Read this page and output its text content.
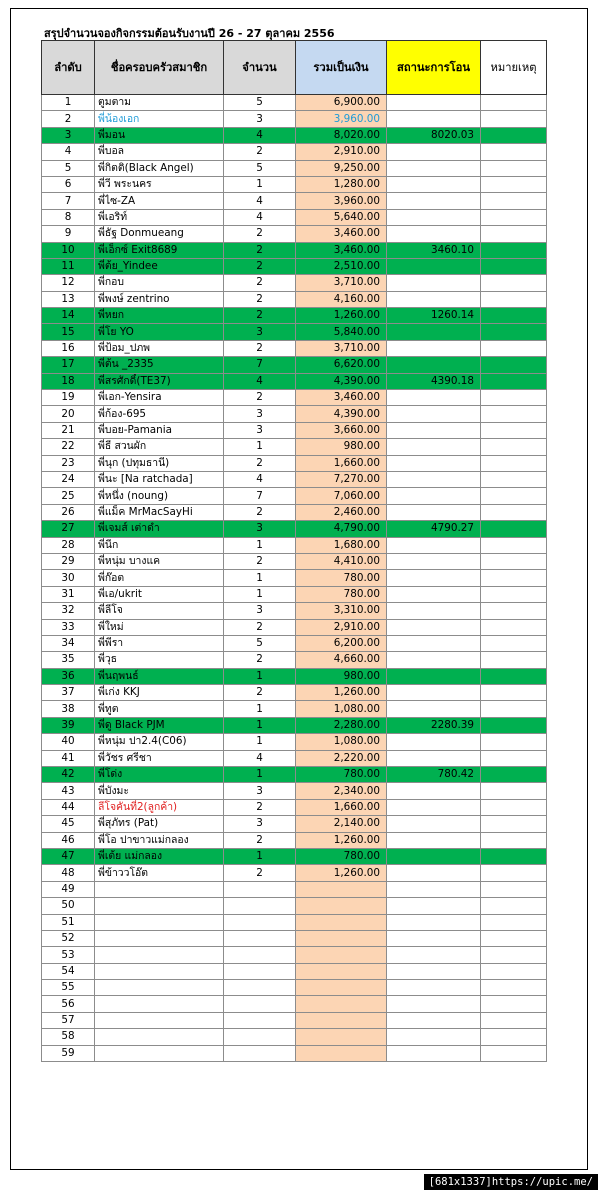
สรุปจำนวนจองกิจกรรมต้อนรับงานปี 26 - 27 ตุลาคม 2556
ลำดับ	ชื่อครอบครัวสมาชิก	จำนวน	รวมเป็นเงิน	สถานะการโอน	หมายเหตุ
1	ตูมตาม	5	6,900.00		
2	พี่น้องเอก	3	3,960.00		
3	พี่มอน	4	8,020.00	8020.03	
4	พี่บอล	2	2,910.00		
5	พี่กิตติ(Black Angel)	5	9,250.00		
6	พี่วี พระนคร	1	1,280.00		
7	พี่ไซ-ZA	4	3,960.00		
8	พี่เอริท์	4	5,640.00		
9	พี่ธัฐ Donmueang	2	3,460.00		
10	พี่เอ็กซ์ Exit8689	2	3,460.00	3460.10	
11	พี่ต้ย_Yindee	2	2,510.00		
12	พี่กอบ	2	3,710.00		
13	พี่พงษ์ zentrino	2	4,160.00		
14	พี่หยก	2	1,260.00	1260.14	
15	พี่โย YO	3	5,840.00		
16	พี่ป้อม_ปภพ	2	3,710.00		
17	พี่ต้น _2335	7	6,620.00		
18	พี่สรศักดิ์(TE37)	4	4,390.00	4390.18	
19	พี่เอก-Yensira	2	3,460.00		
20	พี่ก้อง-695	3	4,390.00		
21	พี่บอย-Pamania	3	3,660.00		
22	พี่ธี สวนผัก	1	980.00		
23	พี่นุก (ปทุมธานี)	2	1,660.00		
24	พี่นะ [Na ratchada]	4	7,270.00		
25	พี่หนึ่ง (noung)	7	7,060.00		
26	พี่แม็ค MrMacSayHi	2	2,460.00		
27	พี่เจมส์ เต่าดำ	3	4,790.00	4790.27	
28	พี่นีก	1	1,680.00		
29	พี่หนุ่ม บางแค	2	4,410.00		
30	พี่ก๊อต	1	780.00		
31	พี่เอ/ukrit	1	780.00		
32	พี่ลีโจ	3	3,310.00		
33	พี่ใหม่	2	2,910.00		
34	พี่พีรา	5	6,200.00		
35	พี่วุธ	2	4,660.00		
36	พี่นฤพนธ์	1	980.00		
37	พี่เก่ง KKJ	2	1,260.00		
38	พี่ทูต	1	1,080.00		
39	พี่ดู Black PJM	1	2,280.00	2280.39	
40	พี่หนุ่ม ปา2.4(C06)	1	1,080.00		
41	พี่วัชร ศรีชา	4	2,220.00		
42	พี่โด่ง	1	780.00	780.42	
43	พี่บังมะ	3	2,340.00		
44	ลีโจคันที่2(ลูกค้า)	2	1,660.00		
45	พี่สุภัทร (Pat)	3	2,140.00		
46	พี่โอ ปาขาวแม่กลอง	2	1,260.00		
47	พี่เต้ย แม่กลอง	1	780.00		
48	พี่ข้าววโอ๊ต	2	1,260.00		
49					
50					
51					
52					
53					
54					
55					
56					
57					
58					
59					
[681x1337]https://upic.me/
